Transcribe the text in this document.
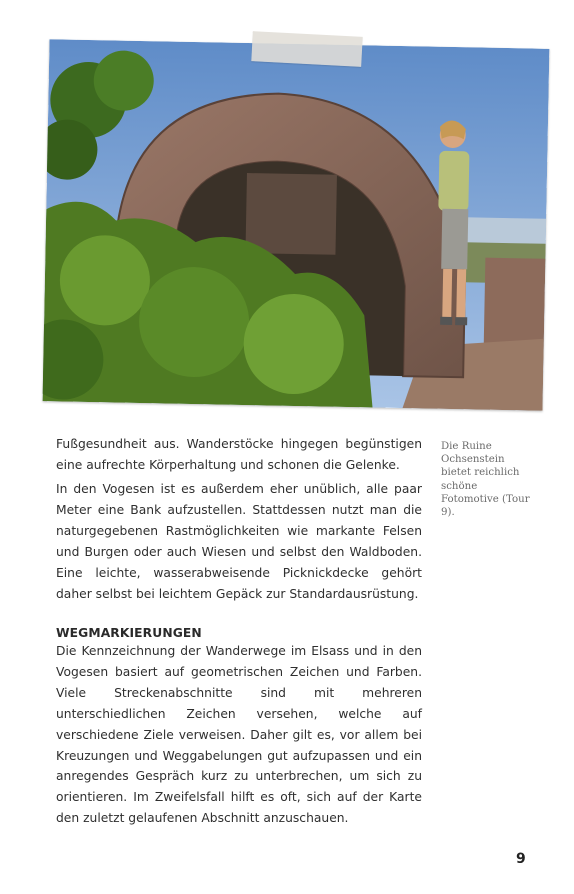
Die Ruine Ochsenstein bietet reichlich schöne Fotomotive (Tour 9).

Fußgesundheit aus. Wanderstöcke hingegen begünstigen eine aufrechte Körperhaltung und schonen die Gelenke.

In den Vogesen ist es außerdem eher unüblich, alle paar Meter eine Bank aufzustellen. Stattdessen nutzt man die naturgegebenen Rastmöglichkeiten wie markante Felsen und Burgen oder auch Wiesen und selbst den Waldboden. Eine leichte, wasserabweisende Picknickdecke gehört daher selbst bei leichtem Gepäck zur Standardausrüstung.

WEGMARKIERUNGEN

Die Kennzeichnung der Wanderwege im Elsass und in den Vogesen basiert auf geometrischen Zeichen und Farben. Viele Streckenabschnitte sind mit mehreren unterschiedlichen Zeichen versehen, welche auf verschiedene Ziele verweisen. Daher gilt es, vor allem bei Kreuzungen und Weggabelungen gut aufzupassen und ein anregendes Gespräch kurz zu unterbrechen, um sich zu orientieren. Im Zweifelsfall hilft es oft, sich auf der Karte den zuletzt gelaufenen Abschnitt anzuschauen.

9
